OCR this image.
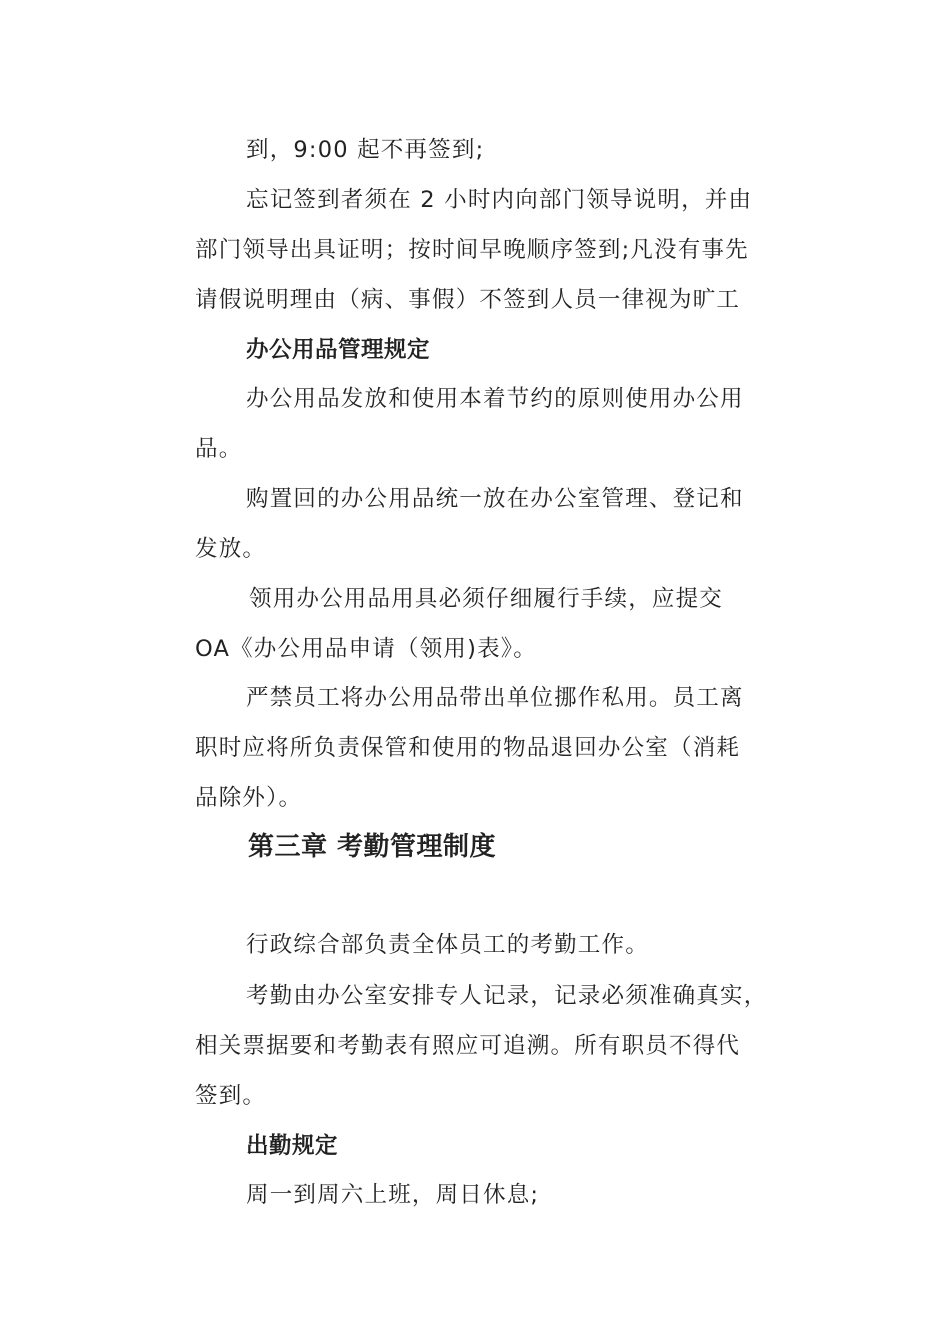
到，9:00 起不再签到;
忘记签到者须在 2 小时内向部门领导说明，并由
部门领导出具证明；按时间早晚顺序签到;凡没有事先
请假说明理由（病、事假）不签到人员一律视为旷工
办公用品管理规定
办公用品发放和使用本着节约的原则使用办公用
品。
购置回的办公用品统一放在办公室管理、登记和
发放。
领用办公用品用具必须仔细履行手续，应提交
OA《办公用品申请（领用)表》。
严禁员工将办公用品带出单位挪作私用。员工离
职时应将所负责保管和使用的物品退回办公室（消耗
品除外）。
第三章 考勤管理制度
行政综合部负责全体员工的考勤工作。
考勤由办公室安排专人记录，记录必须准确真实，
相关票据要和考勤表有照应可追溯。所有职员不得代
签到。
出勤规定
周一到周六上班，周日休息;
